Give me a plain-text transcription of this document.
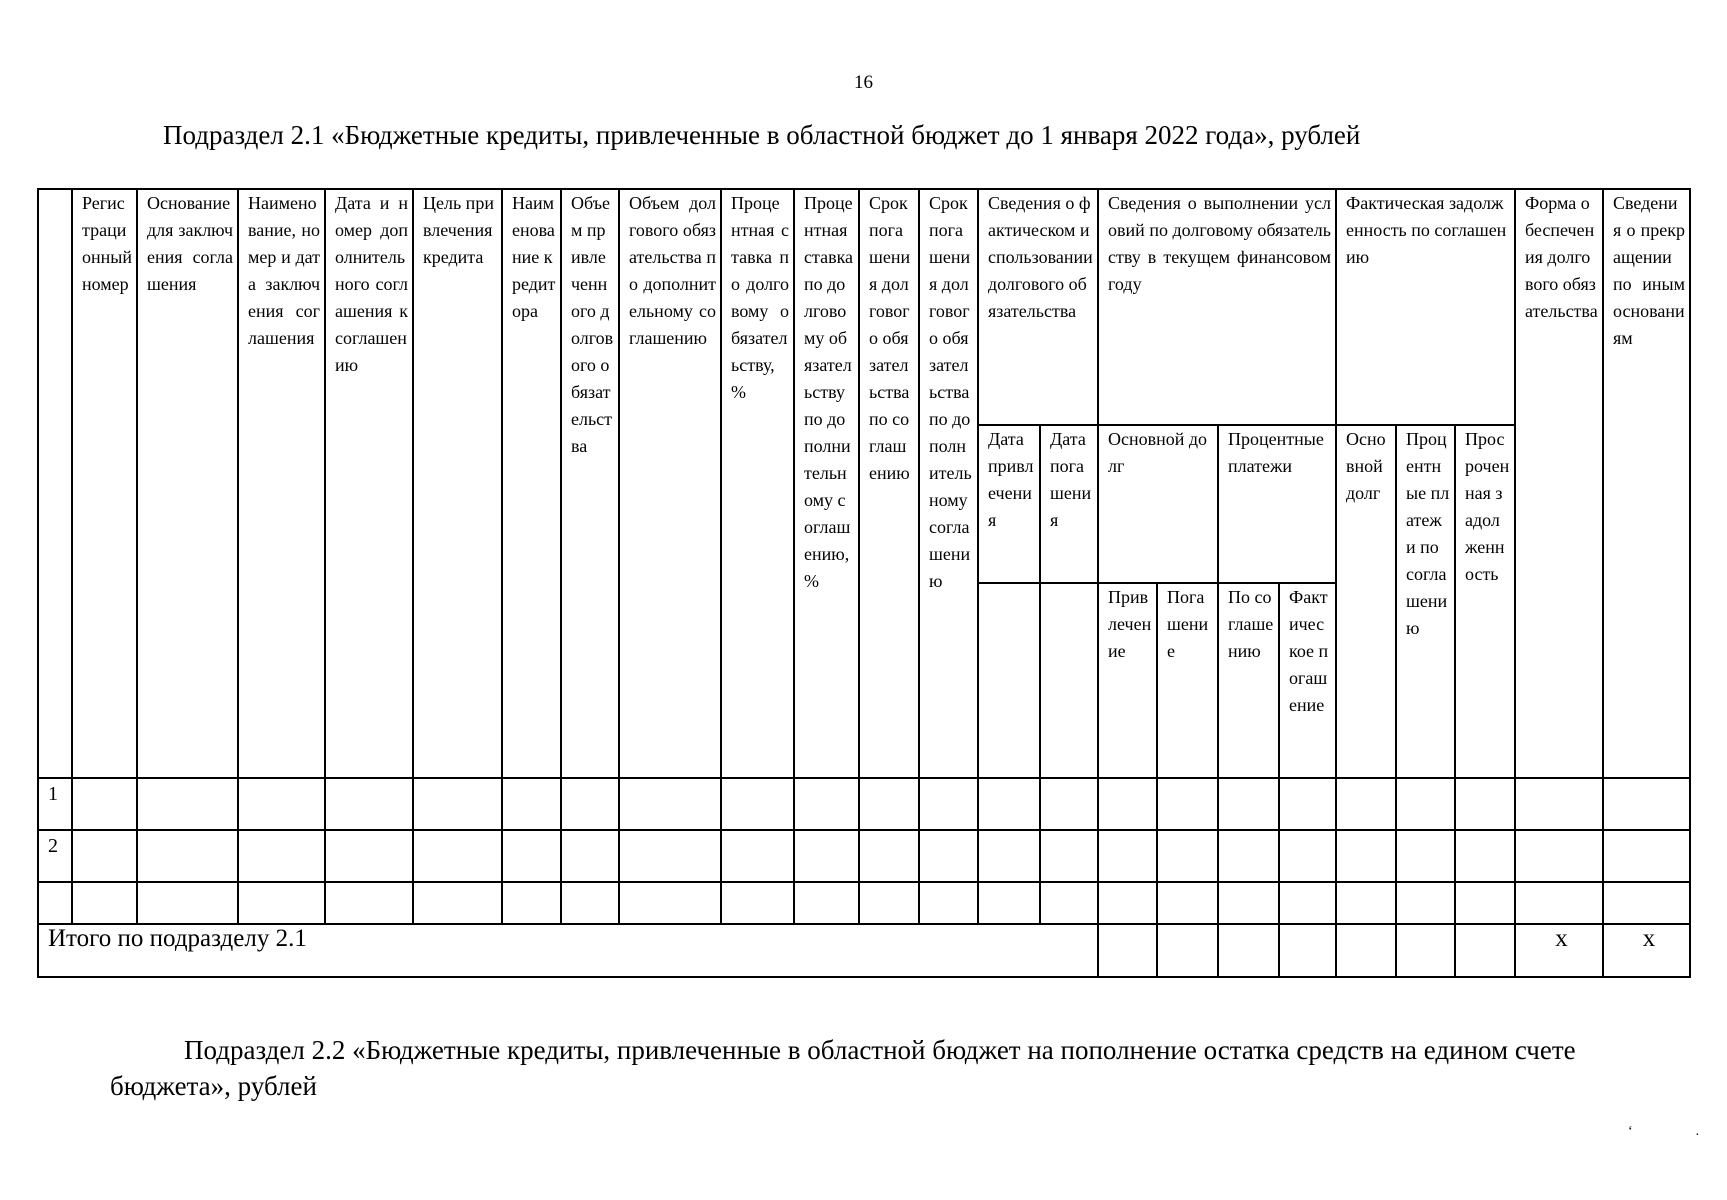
16
Подраздел 2.1 «Бюджетные кредиты, привлеченные в областной бюджет до 1 января 2022 года», рублей
	Регистрационный номер	Основание для заключения соглашения	Наименование, номер и дата заключения соглашения	Дата и номер дополнительного соглашения к соглашению	Цель привлечения кредита	Наименование кредитора	Объем привлеченного долгового обязательства	Объем долгового обязательства по дополнительному соглашению	Процентная ставка по долговому обязательству, %	Процентная ставка по долговому обязательству по дополнительному соглашению, %	Срок погашения долгового обязательства по соглашению	Срок погашения долгового обязательства по дополнительному соглашению	Сведения о фактическом использовании долгового обязательства		Сведения о выполнении условий по долговому обязательству в текущем финансовом году				Фактическая задолженность по соглашению			Форма обеспечения долгового обязательства	Сведения о прекращении по иным основаниям
													Дата привлечения	Дата погашения	Основной долг		Процентные платежи		Основной долг	Процентные платежи по соглашению	Просроченная задолженность		
															Привлечение	Погашение	По соглашению	Фактическое погашение					
1																							
2																							

Итого по подразделу 2.1																						x	x
Подраздел 2.2 «Бюджетные кредиты, привлеченные в областной бюджет на пополнение остатка средств на едином счете бюджета», рублей
‘	·
